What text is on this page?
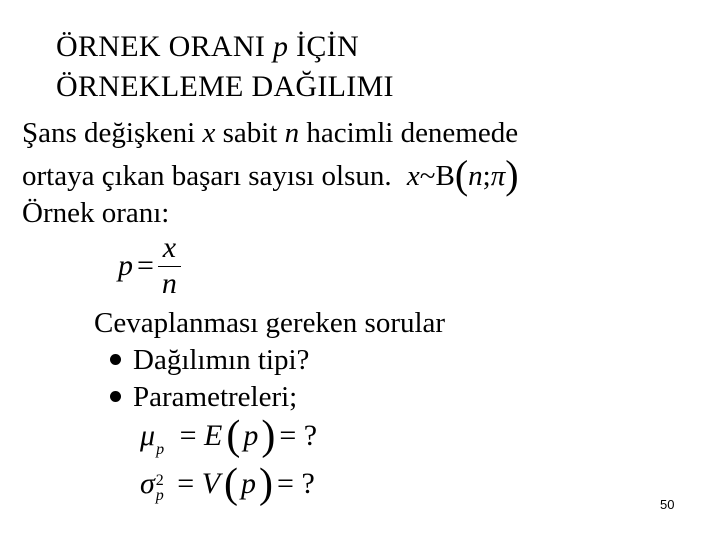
ÖRNEK ORANI p İÇİN
ÖRNEKLEME DAĞILIMI
Şans değişkeni x sabit n hacimli denemede
ortaya çıkan başarı sayısı olsun. x~B(n;π)
Örnek oranı:
$p = \frac{x}{n}$
Cevaplanması gereken sorular
Dağılımın tipi?
Parametreleri;
$\mu_p = E$( p) = ?
σ 2
p = V( p) = ?
50
